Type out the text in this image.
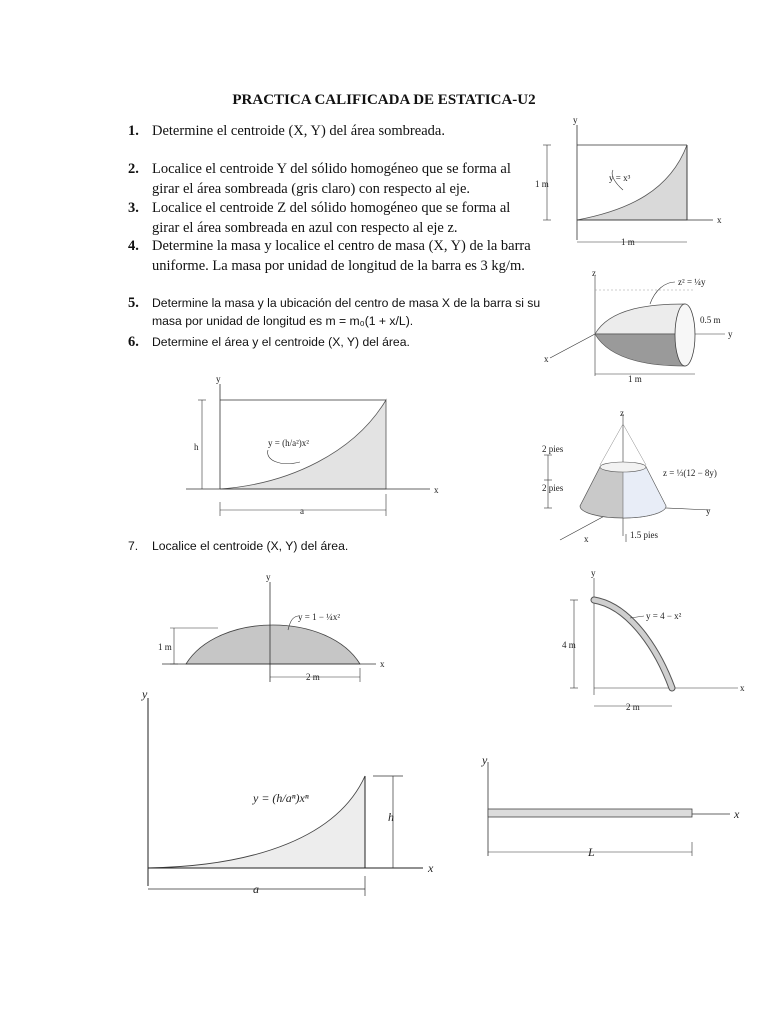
PRACTICA CALIFICADA DE ESTATICA-U2
1. Determine el centroide (X, Y) del área sombreada.
2. Localice el centroide Y del sólido homogéneo que se forma al girar el área sombreada (gris claro) con respecto al eje.
3. Localice el centroide Z del sólido homogéneo que se forma al girar el área sombreada en azul con respecto al eje z.
4. Determine la masa y localice el centro de masa (X, Y) de la barra uniforme. La masa por unidad de longitud de la barra es 3 kg/m.
5. Determine la masa y la ubicación del centro de masa X de la barra si su masa por unidad de longitud es m = m₀(1 + x/L).
6. Determine el área y el centroide (X, Y) del área.
7. Localice el centroide (X, Y) del área.
y
x
y = x³
1 m
1 m
z
y
x
z² = ¼y
0.5 m
1 m
z
y
x
z = ⅓(12 − 8y)
2 pies
2 pies
1.5 pies
y
x
y = 4 − x²
4 m
2 m
y
x
L
y
x
y = (h/a²)x²
h
a
y
x
y = 1 − ¼x²
1 m
2 m
y
x
y = (h/aⁿ)xⁿ
h
a
